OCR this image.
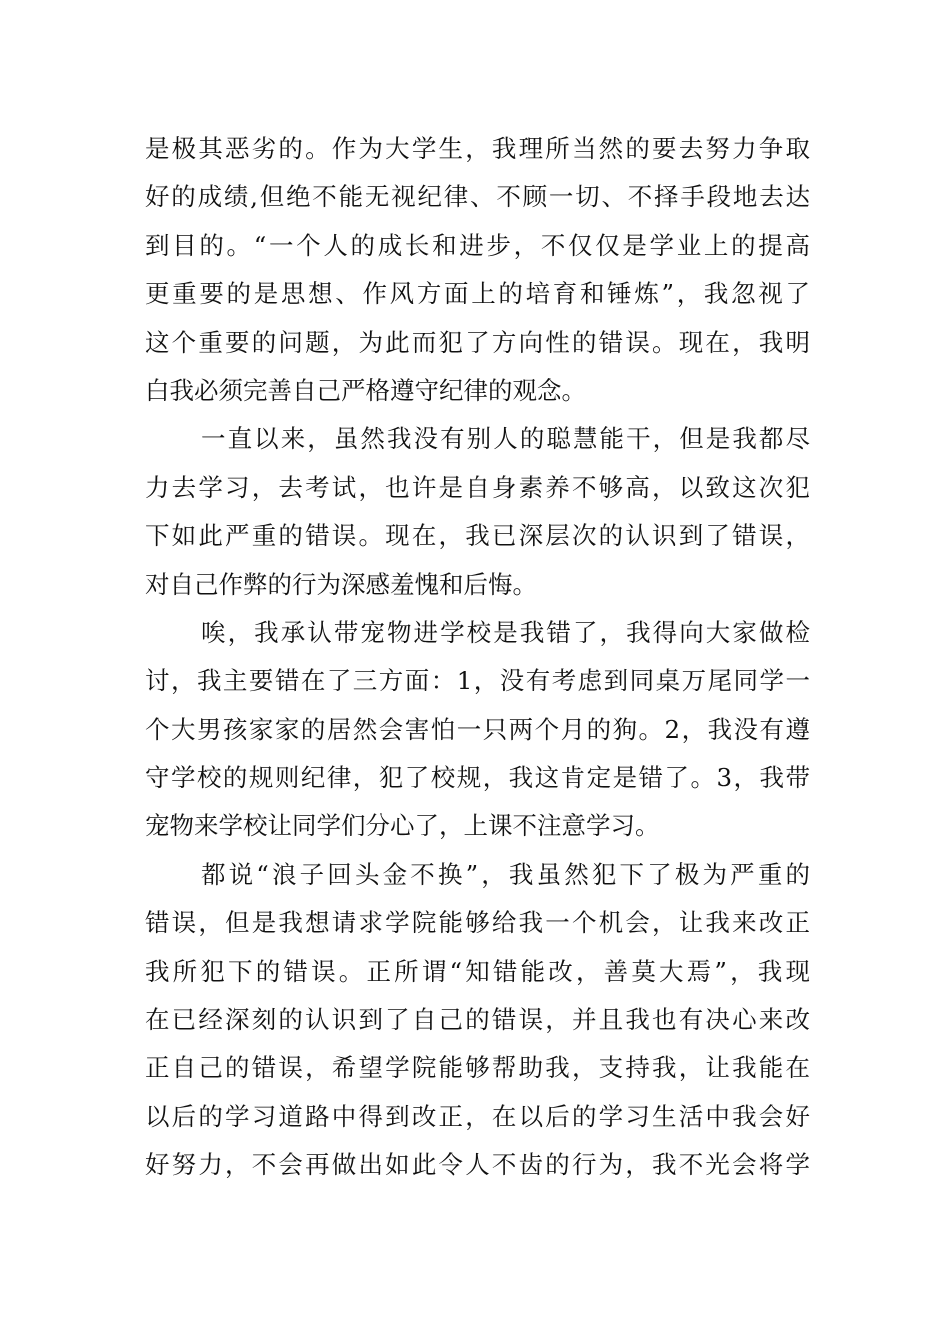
是极其恶劣的。作为大学生，我理所当然的要去努力争取
好的成绩,但绝不能无视纪律、不顾一切、不择手段地去达
到目的。“一个人的成长和进步，不仅仅是学业上的提高
更重要的是思想、作风方面上的培育和锤炼”，我忽视了
这个重要的问题，为此而犯了方向性的错误。现在，我明
白我必须完善自己严格遵守纪律的观念。
一直以来，虽然我没有别人的聪慧能干，但是我都尽
力去学习，去考试，也许是自身素养不够高，以致这次犯
下如此严重的错误。现在，我已深层次的认识到了错误，
对自己作弊的行为深感羞愧和后悔。
唉，我承认带宠物进学校是我错了，我得向大家做检
讨，我主要错在了三方面：1，没有考虑到同桌万尾同学一
个大男孩家家的居然会害怕一只两个月的狗。2，我没有遵
守学校的规则纪律，犯了校规，我这肯定是错了。3，我带
宠物来学校让同学们分心了，上课不注意学习。
都说“浪子回头金不换”，我虽然犯下了极为严重的
错误，但是我想请求学院能够给我一个机会，让我来改正
我所犯下的错误。正所谓“知错能改，善莫大焉”，我现
在已经深刻的认识到了自己的错误，并且我也有决心来改
正自己的错误，希望学院能够帮助我，支持我，让我能在
以后的学习道路中得到改正，在以后的学习生活中我会好
好努力，不会再做出如此令人不齿的行为，我不光会将学
